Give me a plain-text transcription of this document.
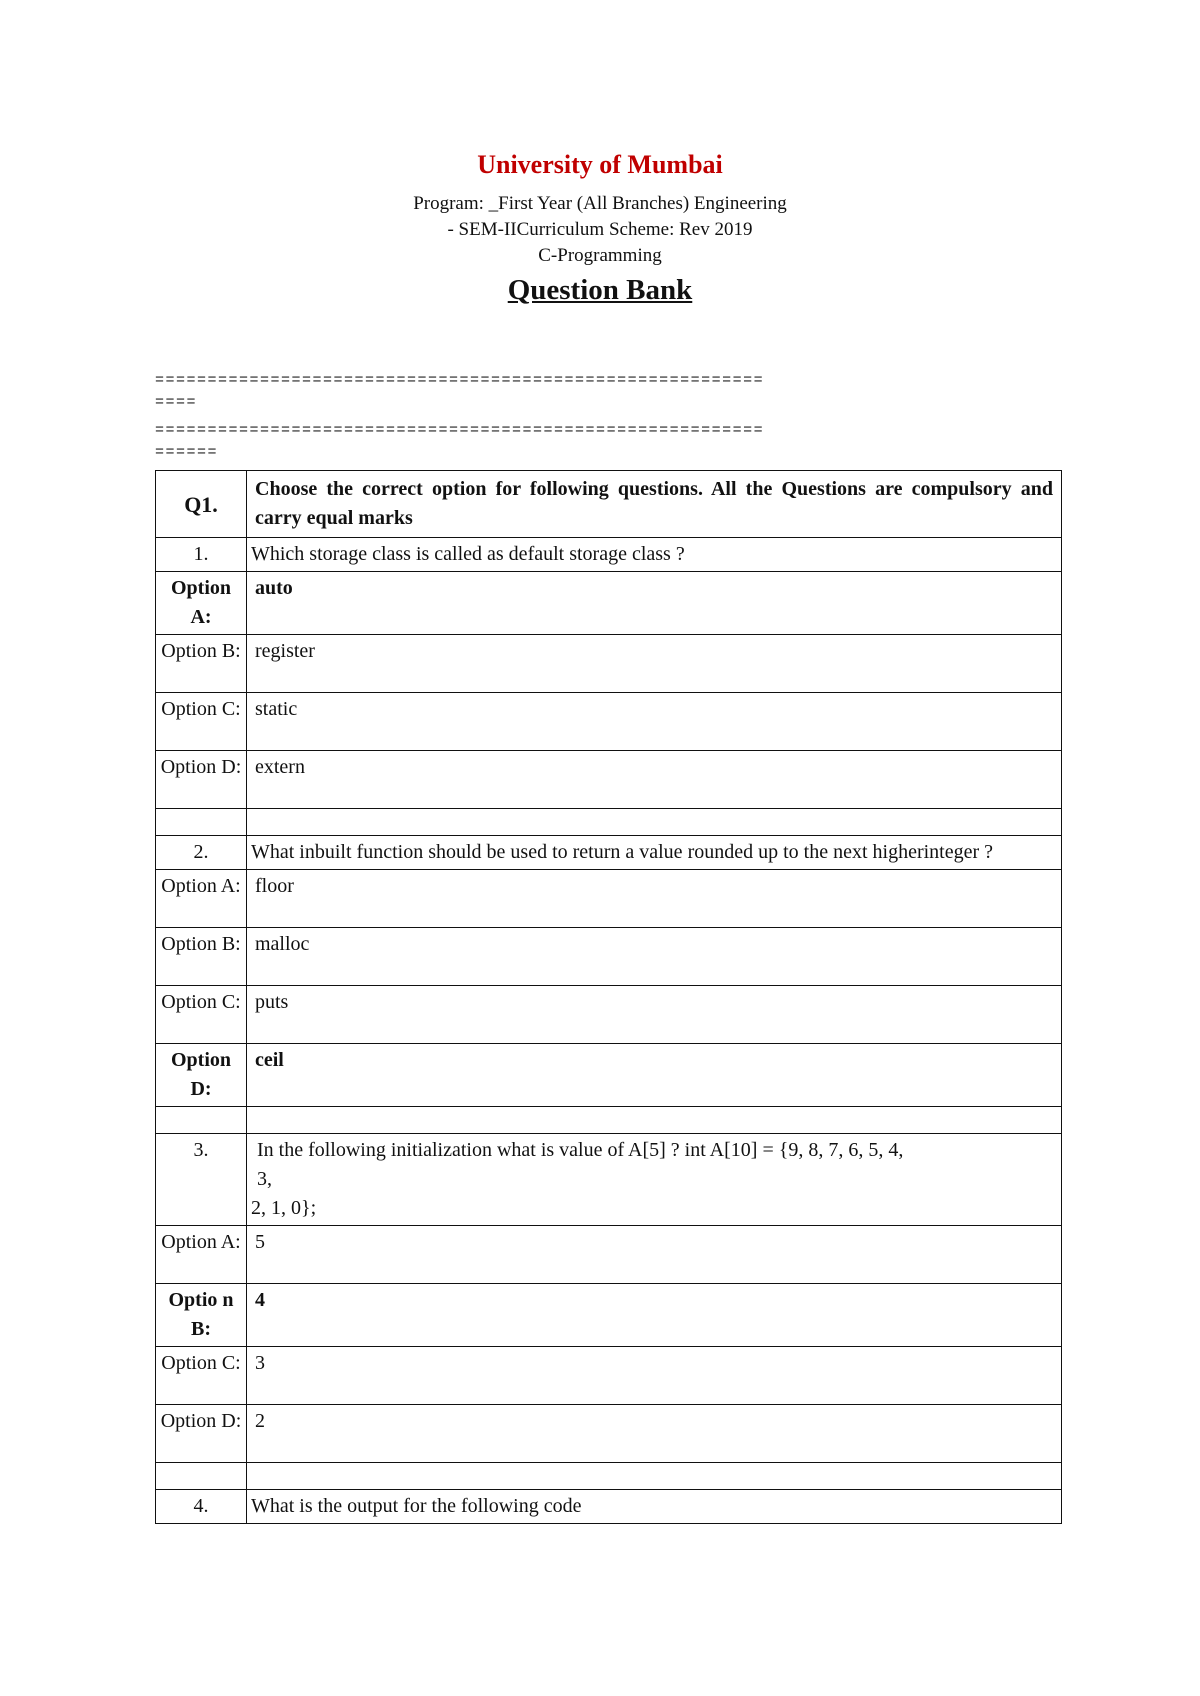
University of Mumbai
Program: _First Year (All Branches) Engineering
- SEM-IICurriculum Scheme: Rev 2019
C-Programming
Question Bank
==========================================================
====
==========================================================
======
Q1.	Choose the correct option for following questions. All the Questions are compulsory and carry equal marks
1.	Which storage class is called as default storage class ?
Option A:	auto
Option B:	register
Option C:	static
Option D:	extern

2.	What inbuilt function should be used to return a value rounded up to the next higherinteger ?
Option A:	floor
Option B:	malloc
Option C:	puts
Option D:	ceil

3.	In the following initialization what is value of A[5] ? int A[10] = {9, 8, 7, 6, 5, 4,
3,
2, 1, 0};

Option A:	5
Optio n B:	4
Option C:	3
Option D:	2

4.	What is the output for the following code
